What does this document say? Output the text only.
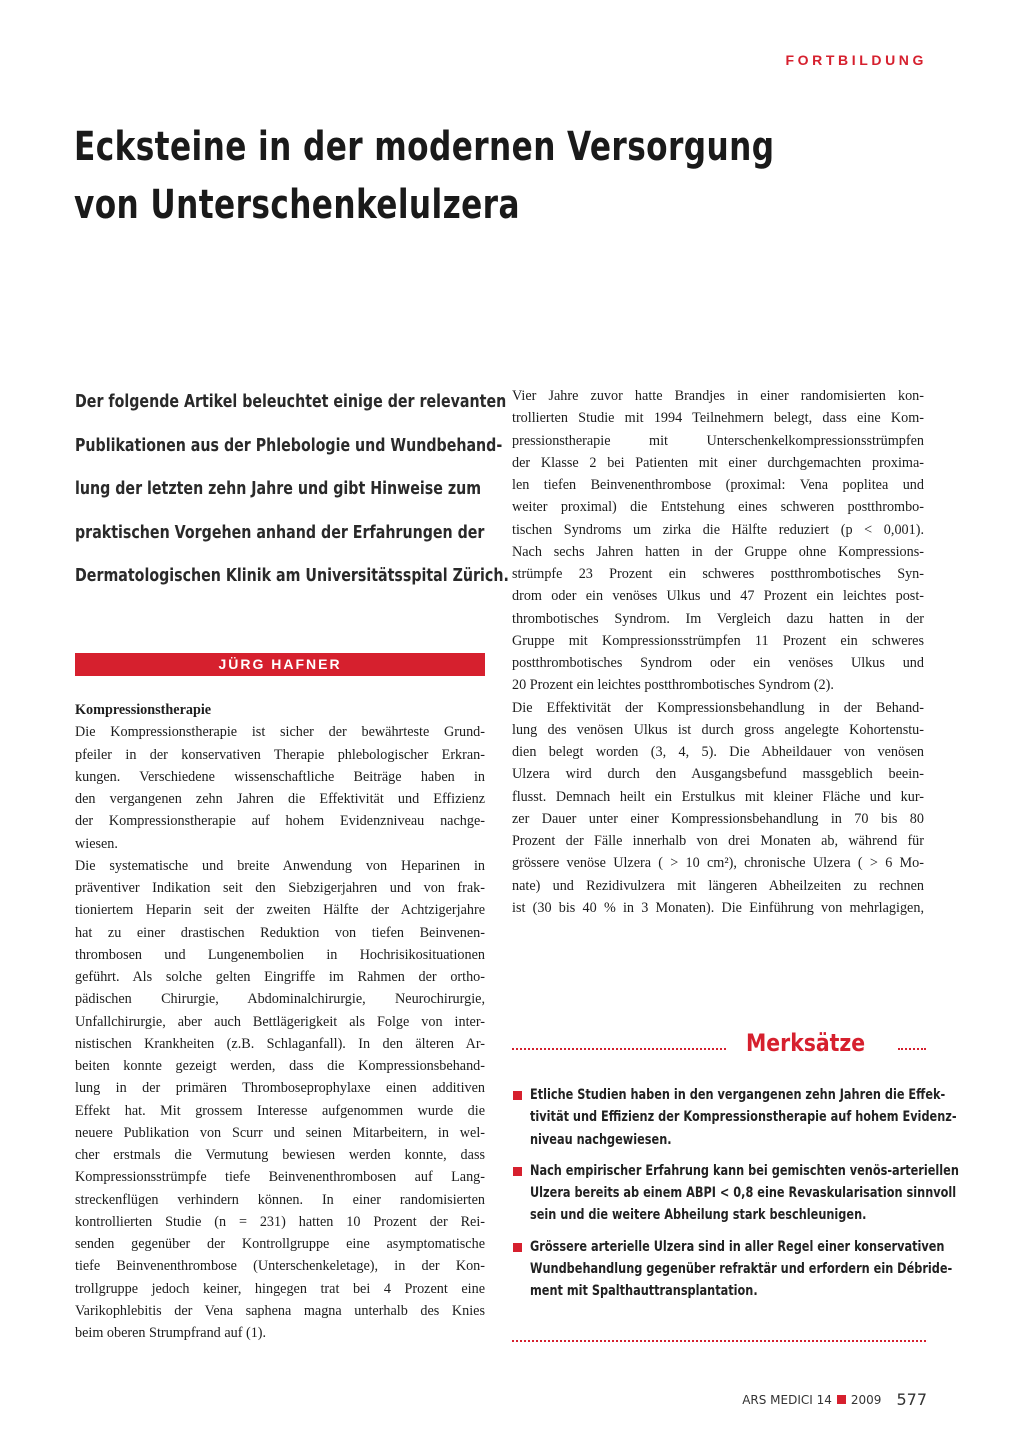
FORTBILDUNG
Ecksteine in der modernen Versorgung
von Unterschenkelulzera

Der folgende Artikel beleuchtet einige der relevanten
Publikationen aus der Phlebologie und Wundbehand-
lung der letzten zehn Jahre und gibt Hinweise zum
praktischen Vorgehen anhand der Erfahrungen der
Dermatologischen Klinik am Universitätsspital Zürich.

JÜRG HAFNER
Kompressionstherapie
Die Kompressionstherapie ist sicher der bewährteste Grund-
pfeiler in der konservativen Therapie phlebologischer Erkran-
kungen. Verschiedene wissenschaftliche Beiträge haben in
den vergangenen zehn Jahren die Effektivität und Effizienz
der Kompressionstherapie auf hohem Evidenzniveau nachge-
wiesen.
Die systematische und breite Anwendung von Heparinen in
präventiver Indikation seit den Siebzigerjahren und von frak-
tioniertem Heparin seit der zweiten Hälfte der Achtzigerjahre
hat zu einer drastischen Reduktion von tiefen Beinvenen-
thrombosen und Lungenembolien in Hochrisikosituationen
geführt. Als solche gelten Eingriffe im Rahmen der ortho-
pädischen Chirurgie, Abdominalchirurgie, Neurochirurgie,
Unfallchirurgie, aber auch Bettlägerigkeit als Folge von inter-
nistischen Krankheiten (z.B. Schlaganfall). In den älteren Ar-
beiten konnte gezeigt werden, dass die Kompressionsbehand-
lung in der primären Thromboseprophylaxe einen additiven
Effekt hat. Mit grossem Interesse aufgenommen wurde die
neuere Publikation von Scurr und seinen Mitarbeitern, in wel-
cher erstmals die Vermutung bewiesen werden konnte, dass
Kompressionsstrümpfe tiefe Beinvenenthrombosen auf Lang-
streckenflügen verhindern können. In einer randomisierten
kontrollierten Studie (n = 231) hatten 10 Prozent der Rei-
senden gegenüber der Kontrollgruppe eine asymptomatische
tiefe Beinvenenthrombose (Unterschenkeletage), in der Kon-
trollgruppe jedoch keiner, hingegen trat bei 4 Prozent eine
Varikophlebitis der Vena saphena magna unterhalb des Knies
beim oberen Strumpfrand auf (1).
Vier Jahre zuvor hatte Brandjes in einer randomisierten kon-
trollierten Studie mit 1994 Teilnehmern belegt, dass eine Kom-
pressionstherapie mit Unterschenkelkompressionsstrümpfen
der Klasse 2 bei Patienten mit einer durchgemachten proxima-
len tiefen Beinvenenthrombose (proximal: Vena poplitea und
weiter proximal) die Entstehung eines schweren postthrombo-
tischen Syndroms um zirka die Hälfte reduziert (p < 0,001).
Nach sechs Jahren hatten in der Gruppe ohne Kompressions-
strümpfe 23 Prozent ein schweres postthrombotisches Syn-
drom oder ein venöses Ulkus und 47 Prozent ein leichtes post-
thrombotisches Syndrom. Im Vergleich dazu hatten in der
Gruppe mit Kompressionsstrümpfen 11 Prozent ein schweres
postthrombotisches Syndrom oder ein venöses Ulkus und
20 Prozent ein leichtes postthrombotisches Syndrom (2).
Die Effektivität der Kompressionsbehandlung in der Behand-
lung des venösen Ulkus ist durch gross angelegte Kohortenstu-
dien belegt worden (3, 4, 5). Die Abheildauer von venösen
Ulzera wird durch den Ausgangsbefund massgeblich beein-
flusst. Demnach heilt ein Erstulkus mit kleiner Fläche und kur-
zer Dauer unter einer Kompressionsbehandlung in 70 bis 80
Prozent der Fälle innerhalb von drei Monaten ab, während für
grössere venöse Ulzera ( > 10 cm²), chronische Ulzera ( > 6 Mo-
nate) und Rezidivulzera mit längeren Abheilzeiten zu rechnen
ist (30 bis 40 % in 3 Monaten). Die Einführung von mehrlagigen,
Merksätze
Etliche Studien haben in den vergangenen zehn Jahren die Effek-
tivität und Effizienz der Kompressionstherapie auf hohem Evidenz-
niveau nachgewiesen.
Nach empirischer Erfahrung kann bei gemischten venös-arteriellen
Ulzera bereits ab einem ABPI < 0,8 eine Revaskularisation sinnvoll
sein und die weitere Abheilung stark beschleunigen.
Grössere arterielle Ulzera sind in aller Regel einer konservativen
Wundbehandlung gegenüber refraktär und erfordern ein Débride-
ment mit Spalthauttransplantation.
ARS MEDICI 14 2009 577
